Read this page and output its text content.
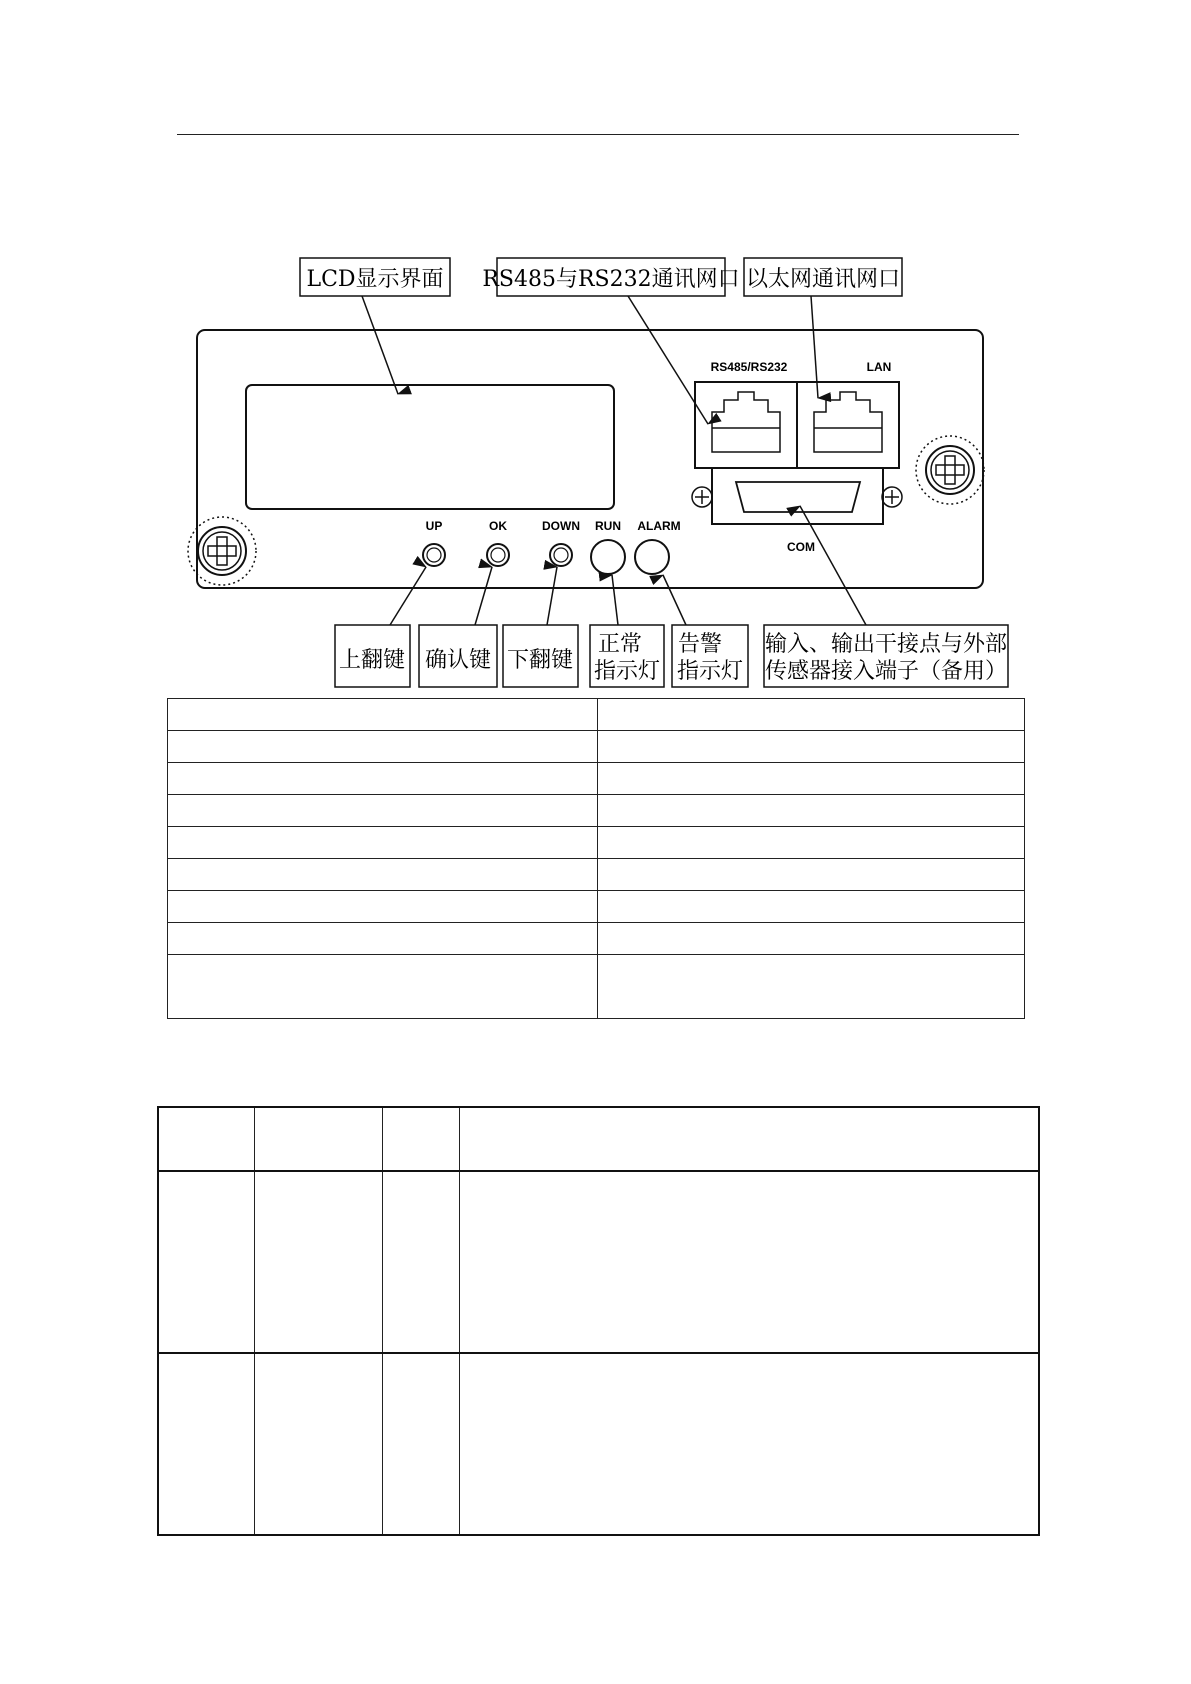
UP	OK	DOWN RUN ALARM
RS485/RS232	LAN
COM
LCD显示界面 RS485与RS232通讯网口 以太网通讯网口
上翻键 确认键 下翻键
正常
指示灯
告警
指示灯
输入、输出干接点与外部
传感器接入端子（备用）
